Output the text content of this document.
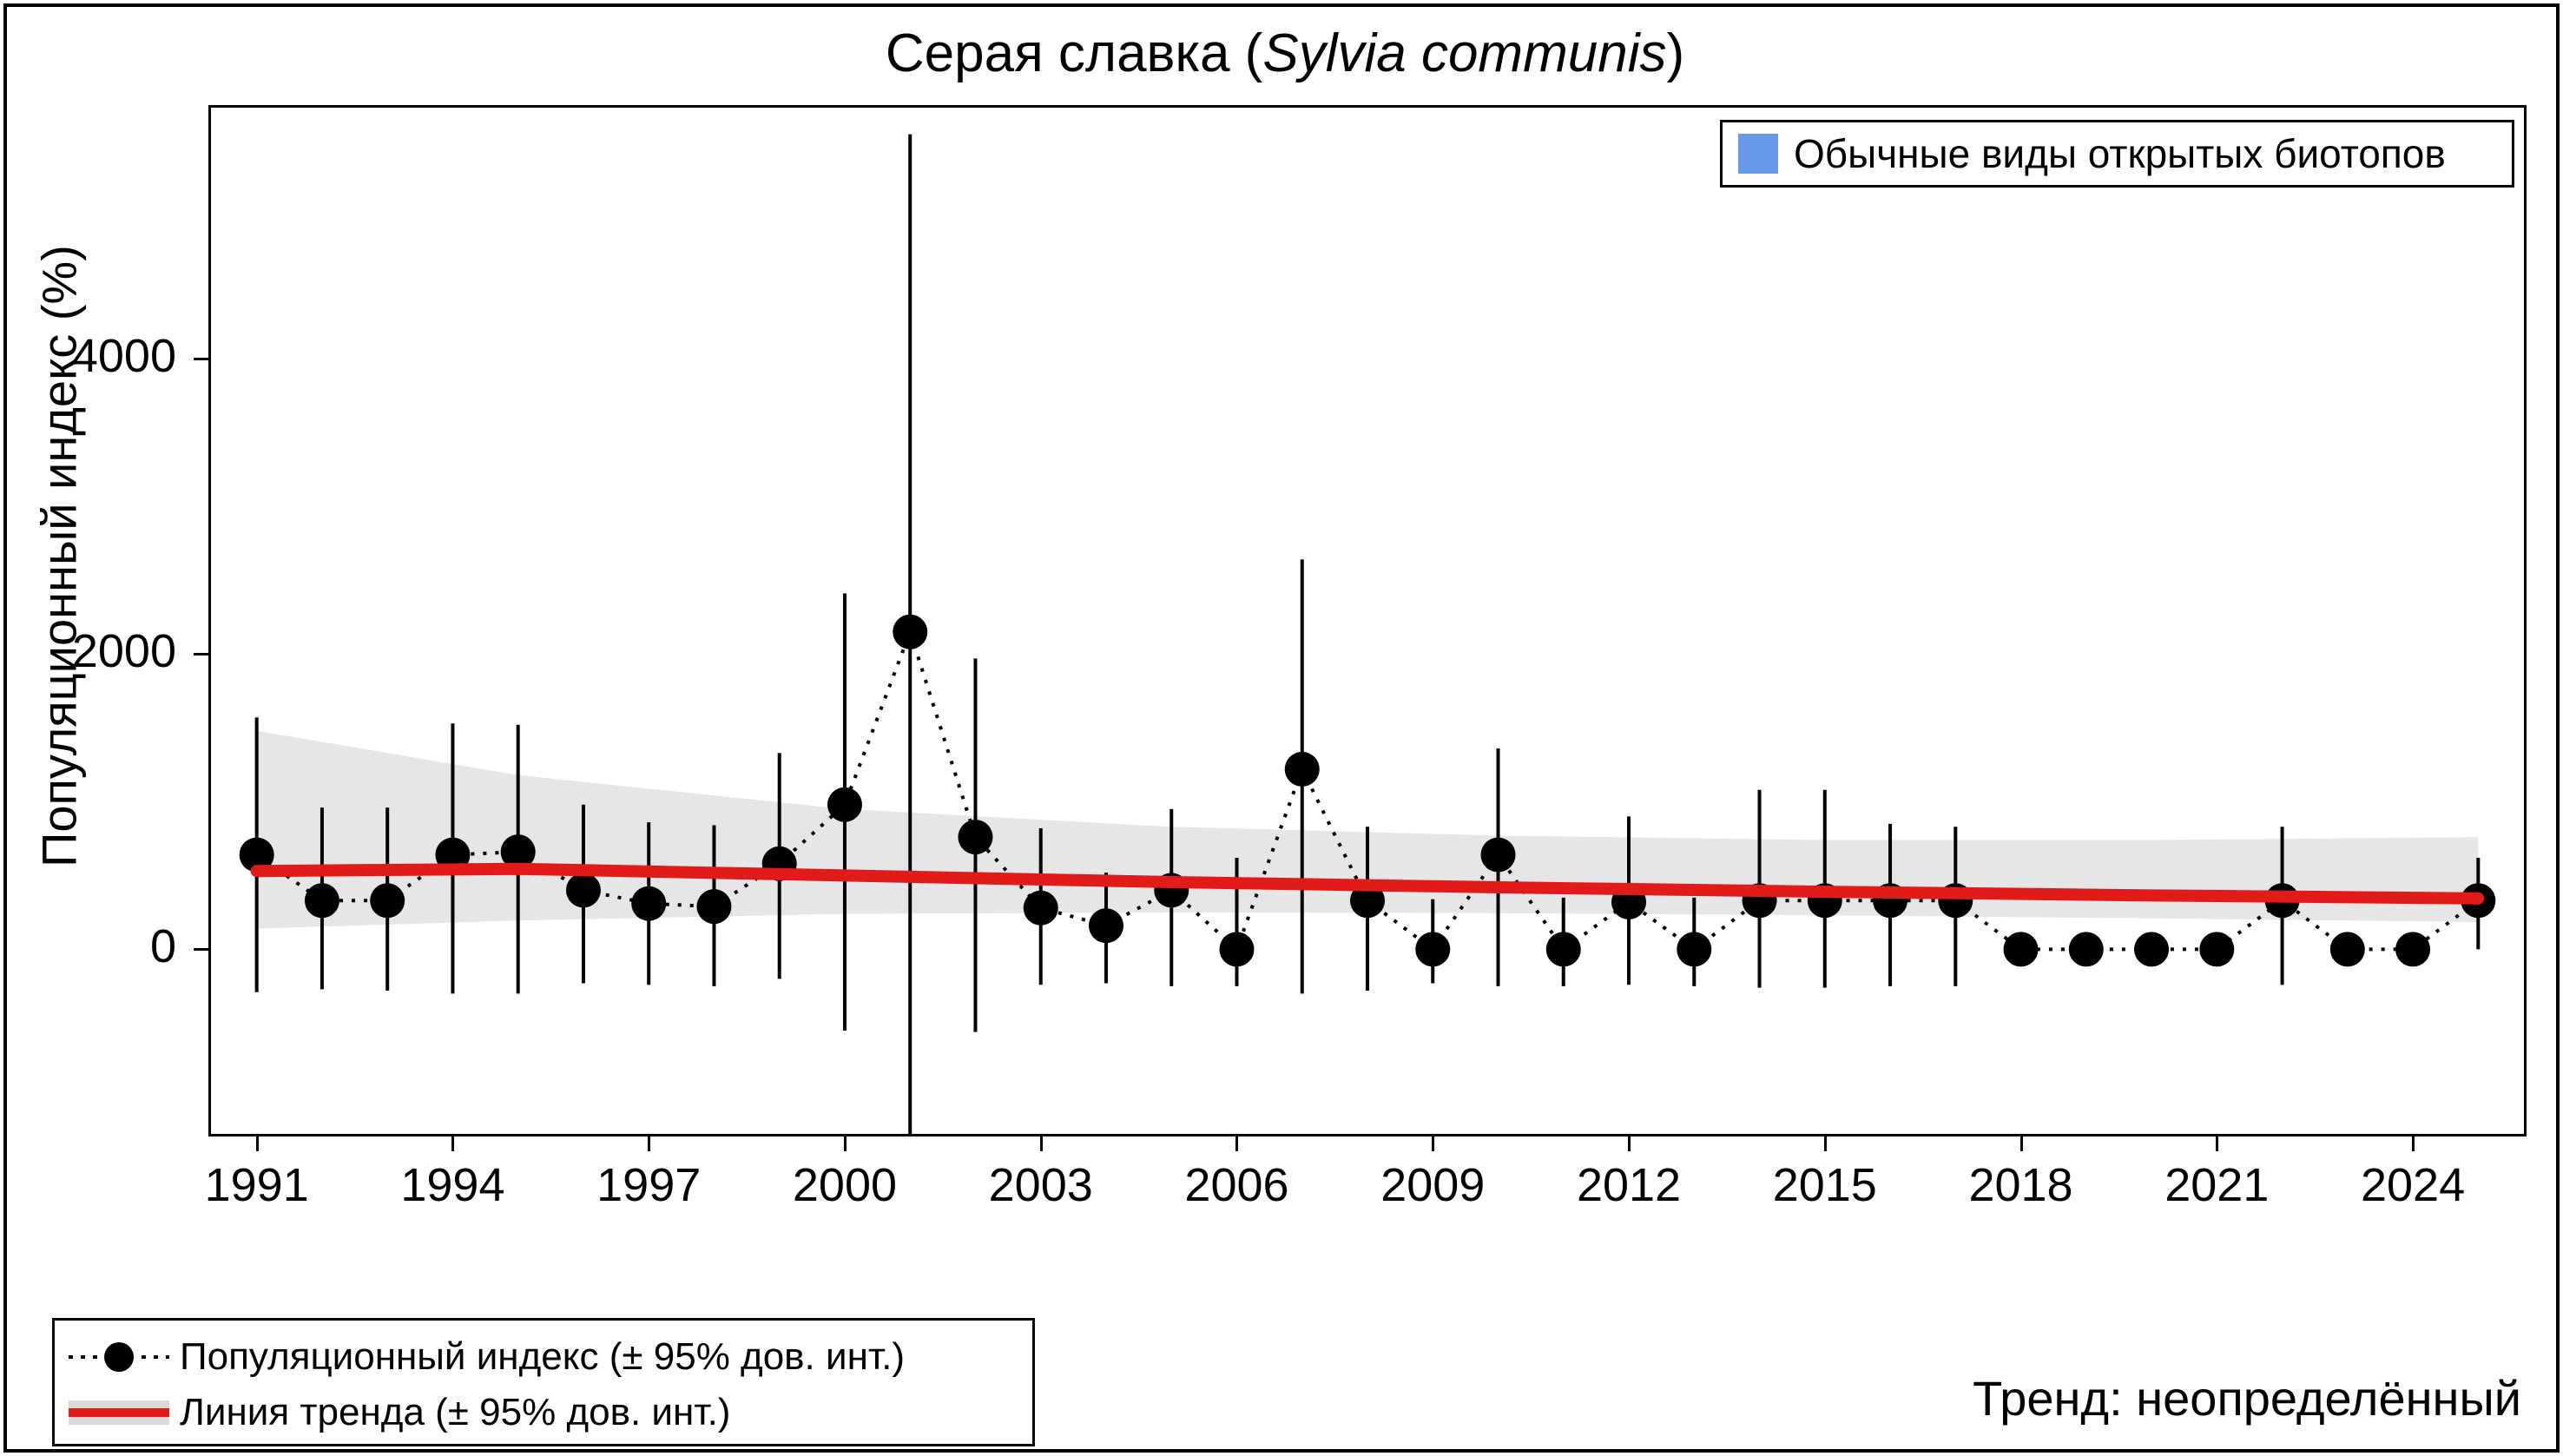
Серая славка (Sylvia communis)
Популяционный индекс (%)
0
2000
4000
1991	1994	1997	2000	2003	2006	2009	2012	2015	2018	2021	2024
Обычные виды открытых биотопов
Популяционный индекс (± 95% дов. инт.)
Линия тренда (± 95% дов. инт.)	Тренд: неопределённый
